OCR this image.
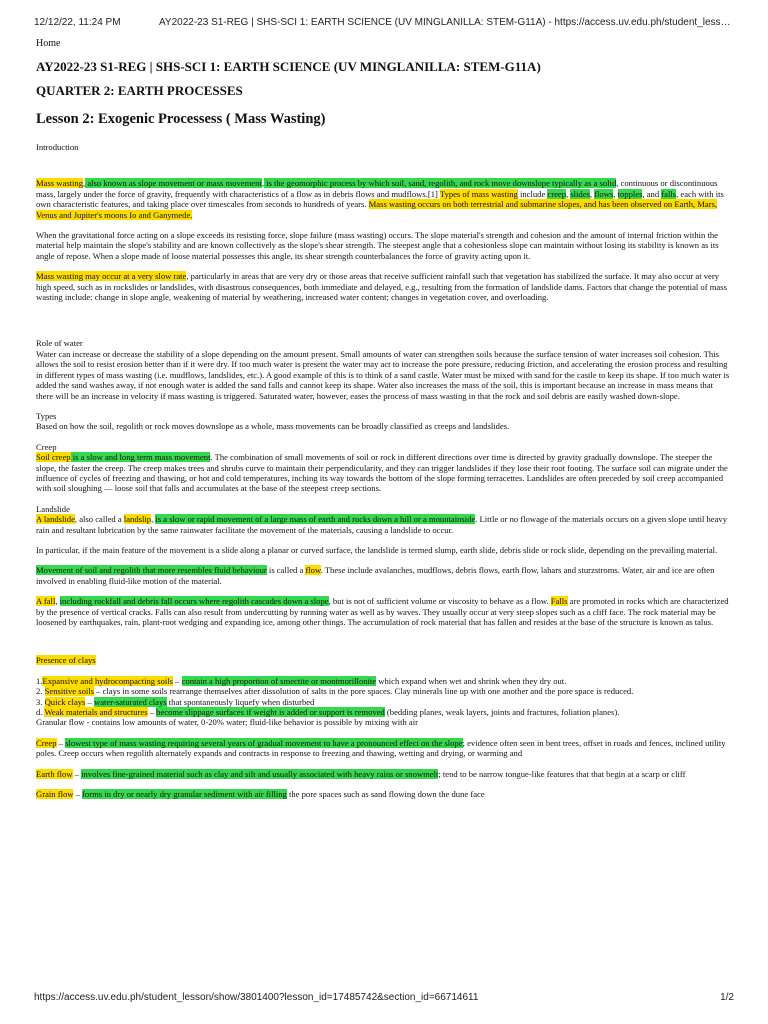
12/12/22, 11:24 PM	AY2022-23 S1-REG | SHS-SCI 1: EARTH SCIENCE (UV MINGLANILLA: STEM-G11A) - https://access.uv.edu.ph/student_less…
Home
AY2022-23 S1-REG | SHS-SCI 1: EARTH SCIENCE (UV MINGLANILLA: STEM-G11A)
QUARTER 2: EARTH PROCESSES
Lesson 2: Exogenic Processess ( Mass Wasting)

Introduction

Mass wasting also known as slope movement or mass movement, is the geomorphic process by which soil, sand, regolith, and rock move downslope typically as a solid, continuous or discontinuous mass, largely under the force of gravity, frequently with characteristics of a flow as in debris flows and mudflows.[1] Types of mass wasting include creep, slides, flows, topples, and falls, each with its own characteristic features, and taking place over timescales from seconds to hundreds of years. Mass wasting occurs on both terrestrial and submarine slopes, and has been observed on Earth, Mars, Venus and Jupiter's moons Io and Ganymede.

When the gravitational force acting on a slope exceeds its resisting force, slope failure (mass wasting) occurs. The slope material's strength and cohesion and the amount of internal friction within the material help maintain the slope's stability and are known collectively as the slope's shear strength. The steepest angle that a cohesionless slope can maintain without losing its stability is known as its angle of repose. When a slope made of loose material possesses this angle, its shear strength counterbalances the force of gravity acting upon it.

Mass wasting may occur at a very slow rate, particularly in areas that are very dry or those areas that receive sufficient rainfall such that vegetation has stabilized the surface. It may also occur at very high speed, such as in rockslides or landslides, with disastrous consequences, both immediate and delayed, e.g., resulting from the formation of landslide dams. Factors that change the potential of mass wasting include: change in slope angle, weakening of material by weathering, increased water content; changes in vegetation cover, and overloading.

Role of water
Water can increase or decrease the stability of a slope depending on the amount present. Small amounts of water can strengthen soils because the surface tension of water increases soil cohesion. This allows the soil to resist erosion better than if it were dry. If too much water is present the water may act to increase the pore pressure, reducing friction, and accelerating the erosion process and resulting in different types of mass wasting (i.e. mudflows, landslides, etc.). A good example of this is to think of a sand castle. Water must be mixed with sand for the castle to keep its shape. If too much water is added the sand washes away, if not enough water is added the sand falls and cannot keep its shape. Water also increases the mass of the soil, this is important because an increase in mass means that there will be an increase in velocity if mass wasting is triggered. Saturated water, however, eases the process of mass wasting in that the rock and soil debris are easily washed down-slope.

Types
Based on how the soil, regolith or rock moves downslope as a whole, mass movements can be broadly classified as creeps and landslides.

Creep
Soil creep is a slow and long term mass movement. The combination of small movements of soil or rock in different directions over time is directed by gravity gradually downslope. The steeper the slope, the faster the creep. The creep makes trees and shrubs curve to maintain their perpendicularity, and they can trigger landslides if they lose their root footing. The surface soil can migrate under the influence of cycles of freezing and thawing, or hot and cold temperatures, inching its way towards the bottom of the slope forming terracettes. Landslides are often preceded by soil creep accompanied with soil sloughing — loose soil that falls and accumulates at the base of the steepest creep sections.

Landslide
A landslide, also called a landslip, is a slow or rapid movement of a large mass of earth and rocks down a hill or a mountainside. Little or no flowage of the materials occurs on a given slope until heavy rain and resultant lubrication by the same rainwater facilitate the movement of the materials, causing a landslide to occur.

In particular, if the main feature of the movement is a slide along a planar or curved surface, the landslide is termed slump, earth slide, debris slide or rock slide, depending on the prevailing material.

Movement of soil and regolith that more resembles fluid behaviour is called a flow. These include avalanches, mudflows, debris flows, earth flow, lahars and sturzstroms. Water, air and ice are often involved in enabling fluid-like motion of the material.

A fall, including rockfall and debris fall occurs where regolith cascades down a slope, but is not of sufficient volume or viscosity to behave as a flow. Falls are promoted in rocks which are characterized by the presence of vertical cracks. Falls can also result from undercutting by running water as well as by waves. They usually occur at very steep slopes such as a cliff face. The rock material may be loosened by earthquakes, rain, plant-root wedging and expanding ice, among other things. The accumulation of rock material that has fallen and resides at the base of the structure is known as talus.

Presence of clays

1.Expansive and hydrocompacting soils – contain a high proportion of smectite or montmorillonite which expand when wet and shrink when they dry out.

2. Sensitive soils – clays in some soils rearrange themselves after dissolution of salts in the pore spaces. Clay minerals line up with one another and the pore space is reduced.

3. Quick clays – water-saturated clays that spontaneously liquefy when disturbed

d. Weak materials and structures – become slippage surfaces if weight is added or support is removed (bedding planes, weak layers, joints and fractures, foliation planes).

Granular flow - contains low amounts of water, 0-20% water; fluid-like behavior is possible by mixing with air

Creep – slowest type of mass wasting requiring several years of gradual movement to have a pronounced effect on the slope; evidence often seen in bent trees, offset in roads and fences, inclined utility poles. Creep occurs when regolith alternately expands and contracts in response to freezing and thawing, wetting and drying, or warming and

Earth flow – involves fine-grained material such as clay and silt and usually associated with heavy rains or snowmelt; tend to be narrow tongue-like features that that begin at a scarp or cliff

Grain flow – forms in dry or nearly dry granular sediment with air filling the pore spaces such as sand flowing down the dune face

https://access.uv.edu.ph/student_lesson/show/3801400?lesson_id=17485742&section_id=66714611	1/2
